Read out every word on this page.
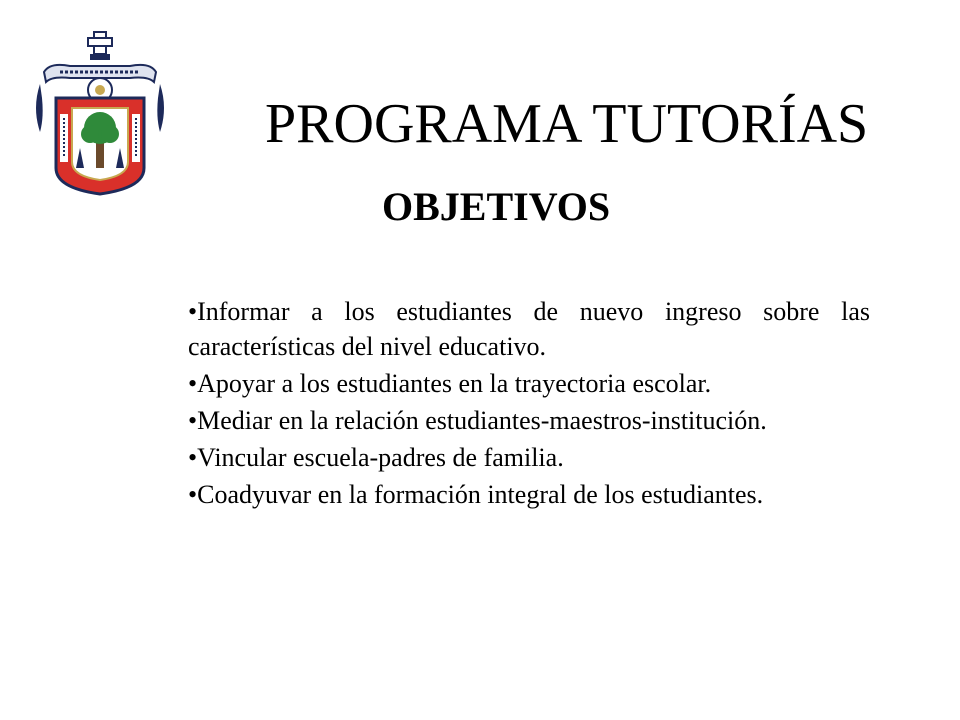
PROGRAMA TUTORÍAS
OBJETIVOS
•Informar a los estudiantes de nuevo ingreso sobre las características del nivel educativo.
•Apoyar a los estudiantes en la trayectoria escolar.
•Mediar en la relación estudiantes-maestros-institución.
•Vincular escuela-padres de familia.
•Coadyuvar en la formación integral de los estudiantes.
